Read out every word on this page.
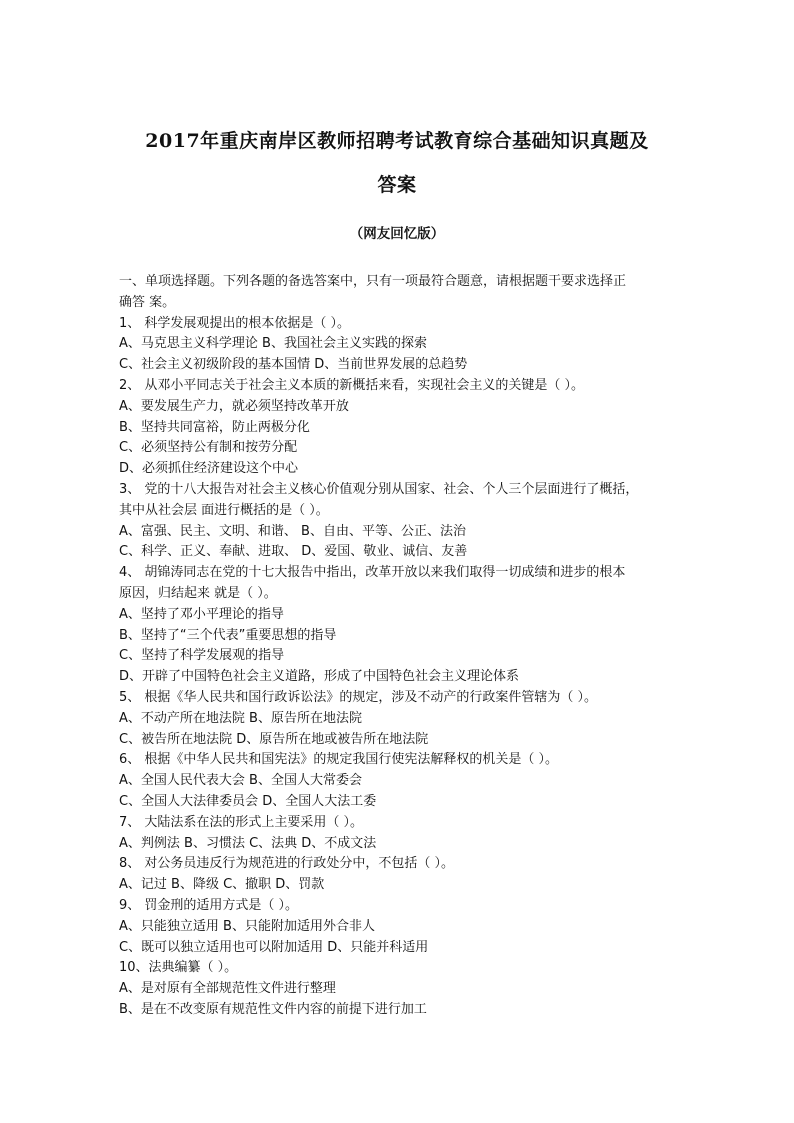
2017年重庆南岸区教师招聘考试教育综合基础知识真题及
答案
（网友回忆版）

一、单项选择题。下列各题的备选答案中，只有一项最符合题意，请根据题干要求选择正

确答 案。

1、 科学发展观提出的根本依据是（ ）。

A、马克思主义科学理论 B、我国社会主义实践的探索

C、社会主义初级阶段的基本国情 D、当前世界发展的总趋势

2、 从邓小平同志关于社会主义本质的新概括来看，实现社会主义的关键是（ ）。

A、要发展生产力，就必须坚持改革开放

B、坚持共同富裕，防止两极分化

C、必须坚持公有制和按劳分配

D、必须抓住经济建设这个中心

3、 党的十八大报告对社会主义核心价值观分别从国家、社会、个人三个层面进行了概括，

其中从社会层 面进行概括的是（ ）。

A、富强、民主、文明、和谐、 B、自由、平等、公正、法治

C、科学、正义、奉献、进取、 D、爱国、敬业、诚信、友善

4、 胡锦涛同志在党的十七大报告中指出，改革开放以来我们取得一切成绩和进步的根本

原因，归结起来 就是（ ）。

A、坚持了邓小平理论的指导

B、坚持了“三个代表”重要思想的指导

C、坚持了科学发展观的指导

D、开辟了中国特色社会主义道路，形成了中国特色社会主义理论体系

5、 根据《华人民共和国行政诉讼法》的规定，涉及不动产的行政案件管辖为（ ）。

A、不动产所在地法院 B、原告所在地法院

C、被告所在地法院 D、原告所在地或被告所在地法院

6、 根据《中华人民共和国宪法》的规定我国行使宪法解释权的机关是（ ）。

A、全国人民代表大会 B、全国人大常委会

C、全国人大法律委员会 D、全国人大法工委

7、 大陆法系在法的形式上主要采用（ ）。

A、判例法 B、习惯法 C、法典 D、不成文法

8、 对公务员违反行为规范进的行政处分中，不包括（ ）。

A、记过 B、降级 C、撤职 D、罚款

9、 罚金刑的适用方式是（ ）。

A、只能独立适用 B、只能附加适用外合非人

C、既可以独立适用也可以附加适用 D、只能并科适用

10、法典编纂（ ）。

A、是对原有全部规范性文件进行整理

B、是在不改变原有规范性文件内容的前提下进行加工
